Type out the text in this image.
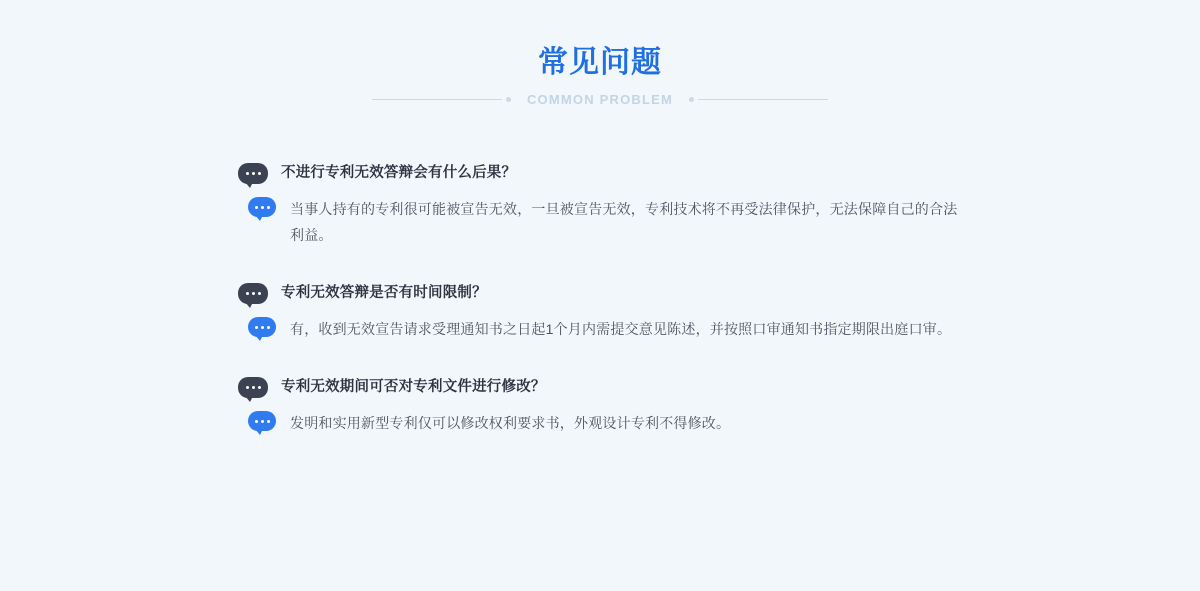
常见问题
COMMON PROBLEM
不进行专利无效答辩会有什么后果？
当事人持有的专利很可能被宣告无效，一旦被宣告无效，专利技术将不再受法律保护，无法保障自己的合法利益。
专利无效答辩是否有时间限制？
有，收到无效宣告请求受理通知书之日起1个月内需提交意见陈述，并按照口审通知书指定期限出庭口审。
专利无效期间可否对专利文件进行修改？
发明和实用新型专利仅可以修改权利要求书，外观设计专利不得修改。
